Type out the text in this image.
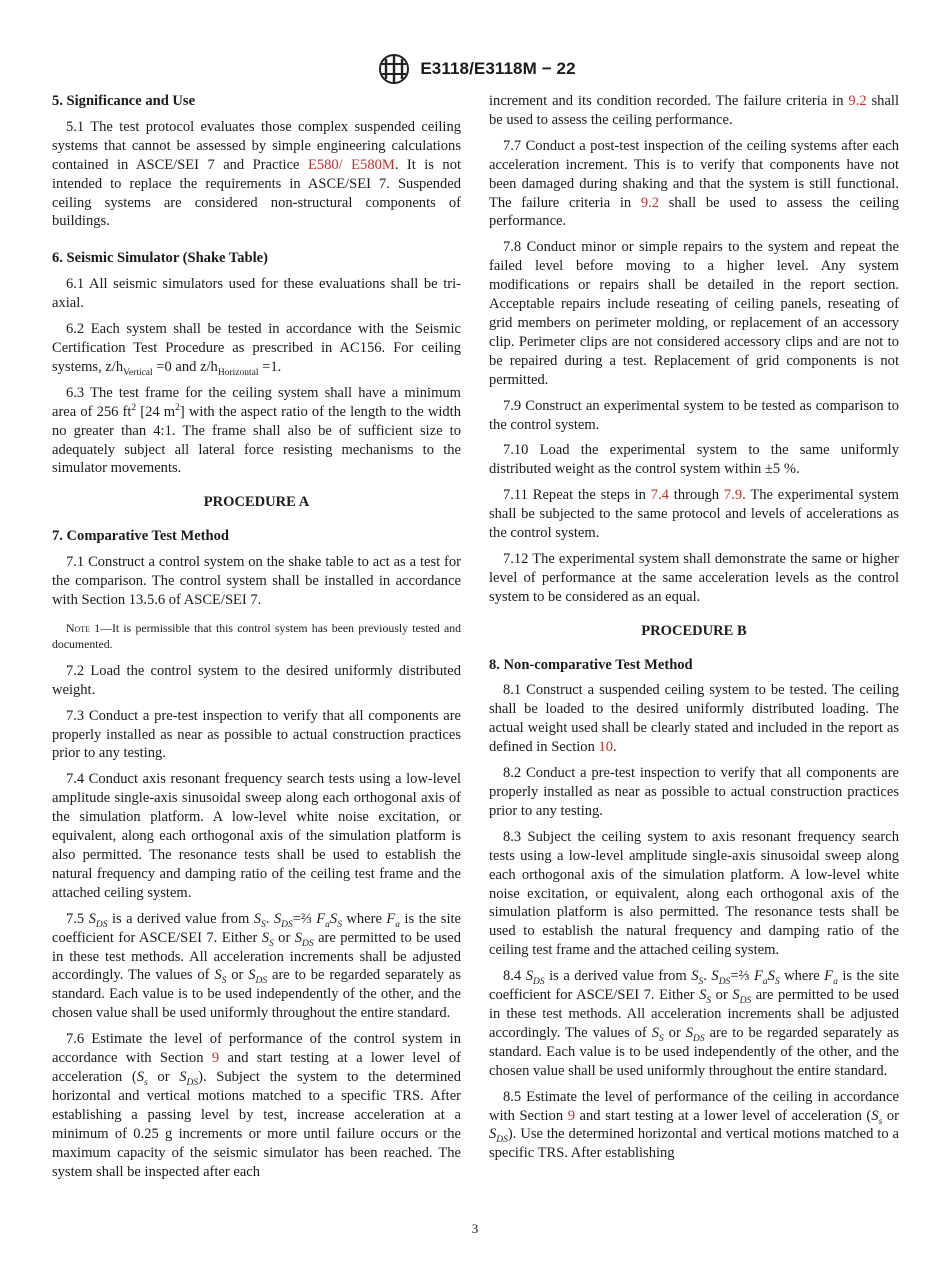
E3118/E3118M − 22
5. Significance and Use

5.1 The test protocol evaluates those complex suspended ceiling systems that cannot be assessed by simple engineering calculations contained in ASCE/SEI 7 and Practice E580/ E580M. It is not intended to replace the requirements in ASCE/SEI 7. Suspended ceiling systems are considered non-structural components of buildings.

6. Seismic Simulator (Shake Table)

6.1 All seismic simulators used for these evaluations shall be tri-axial.

6.2 Each system shall be tested in accordance with the Seismic Certification Test Procedure as prescribed in AC156. For ceiling systems, $z/h_{Vertical} =0$ and $z/h_{Horizontal} =1$.

6.3 The test frame for the ceiling system shall have a minimum area of 256 $ft^2$ [24 $m^2$] with the aspect ratio of the length to the width no greater than 4:1. The frame shall also be of sufficient size to adequately subject all lateral force resisting mechanisms to the simulator movements.

PROCEDURE A
7. Comparative Test Method

7.1 Construct a control system on the shake table to act as a test for the comparison. The control system shall be installed in accordance with Section 13.5.6 of ASCE/SEI 7.

Note 1—It is permissible that this control system has been previously tested and documented.

7.2 Load the control system to the desired uniformly distributed weight.

7.3 Conduct a pre-test inspection to verify that all components are properly installed as near as possible to actual construction practices prior to any testing.

7.4 Conduct axis resonant frequency search tests using a low-level amplitude single-axis sinusoidal sweep along each orthogonal axis of the simulation platform. A low-level white noise excitation, or equivalent, along each orthogonal axis of the simulation platform is also permitted. The resonance tests shall be used to establish the natural frequency and damping ratio of the ceiling test frame and the attached ceiling system.

7.5 $S_{DS}$ is a derived value from $S_S$. $S_{DS}=\frac{2}{3}$ $F_aS_S$ where $F_a$ is the site coefficient for ASCE/SEI 7. Either $S_S$ or $S_{DS}$ are permitted to be used in these test methods. All acceleration increments shall be adjusted accordingly. The values of $S_S$ or $S_{DS}$ are to be regarded separately as standard. Each value is to be used independently of the other, and the chosen value shall be used uniformly throughout the entire standard.

7.6 Estimate the level of performance of the control system in accordance with Section 9 and start testing at a lower level of acceleration ($S_s$ or $S_{DS}$). Subject the system to the determined horizontal and vertical motions matched to a specific TRS. After establishing a passing level by test, increase acceleration at a minimum of 0.25 g increments or more until failure occurs or the maximum capacity of the seismic simulator has been reached. The system shall be inspected after each

increment and its condition recorded. The failure criteria in 9.2 shall be used to assess the ceiling performance.

7.7 Conduct a post-test inspection of the ceiling systems after each acceleration increment. This is to verify that components have not been damaged during shaking and that the system is still functional. The failure criteria in 9.2 shall be used to assess the ceiling performance.

7.8 Conduct minor or simple repairs to the system and repeat the failed level before moving to a higher level. Any system modifications or repairs shall be detailed in the report section. Acceptable repairs include reseating of ceiling panels, reseating of grid members on perimeter molding, or replacement of an accessory clip. Perimeter clips are not considered accessory clips and are not to be repaired during a test. Replacement of grid components is not permitted.

7.9 Construct an experimental system to be tested as comparison to the control system.

7.10 Load the experimental system to the same uniformly distributed weight as the control system within ±5 %.

7.11 Repeat the steps in 7.4 through 7.9. The experimental system shall be subjected to the same protocol and levels of accelerations as the control system.

7.12 The experimental system shall demonstrate the same or higher level of performance at the same acceleration levels as the control system to be considered as an equal.

PROCEDURE B
8. Non-comparative Test Method

8.1 Construct a suspended ceiling system to be tested. The ceiling shall be loaded to the desired uniformly distributed loading. The actual weight used shall be clearly stated and included in the report as defined in Section 10.

8.2 Conduct a pre-test inspection to verify that all components are properly installed as near as possible to actual construction practices prior to any testing.

8.3 Subject the ceiling system to axis resonant frequency search tests using a low-level amplitude single-axis sinusoidal sweep along each orthogonal axis of the simulation platform. A low-level white noise excitation, or equivalent, along each orthogonal axis of the simulation platform is also permitted. The resonance tests shall be used to establish the natural frequency and damping ratio of the ceiling test frame and the attached ceiling system.

8.4 $S_{DS}$ is a derived value from $S_S$. $S_{DS}=\frac{2}{3}$ $F_aS_S$ where $F_a$ is the site coefficient for ASCE/SEI 7. Either $S_S$ or $S_{DS}$ are permitted to be used in these test methods. All acceleration increments shall be adjusted accordingly. The values of $S_S$ or $S_{DS}$ are to be regarded separately as standard. Each value is to be used independently of the other, and the chosen value shall be used uniformly throughout the entire standard.

8.5 Estimate the level of performance of the ceiling in accordance with Section 9 and start testing at a lower level of acceleration ($S_s$ or $S_{DS}$). Use the determined horizontal and vertical motions matched to a specific TRS. After establishing

3
